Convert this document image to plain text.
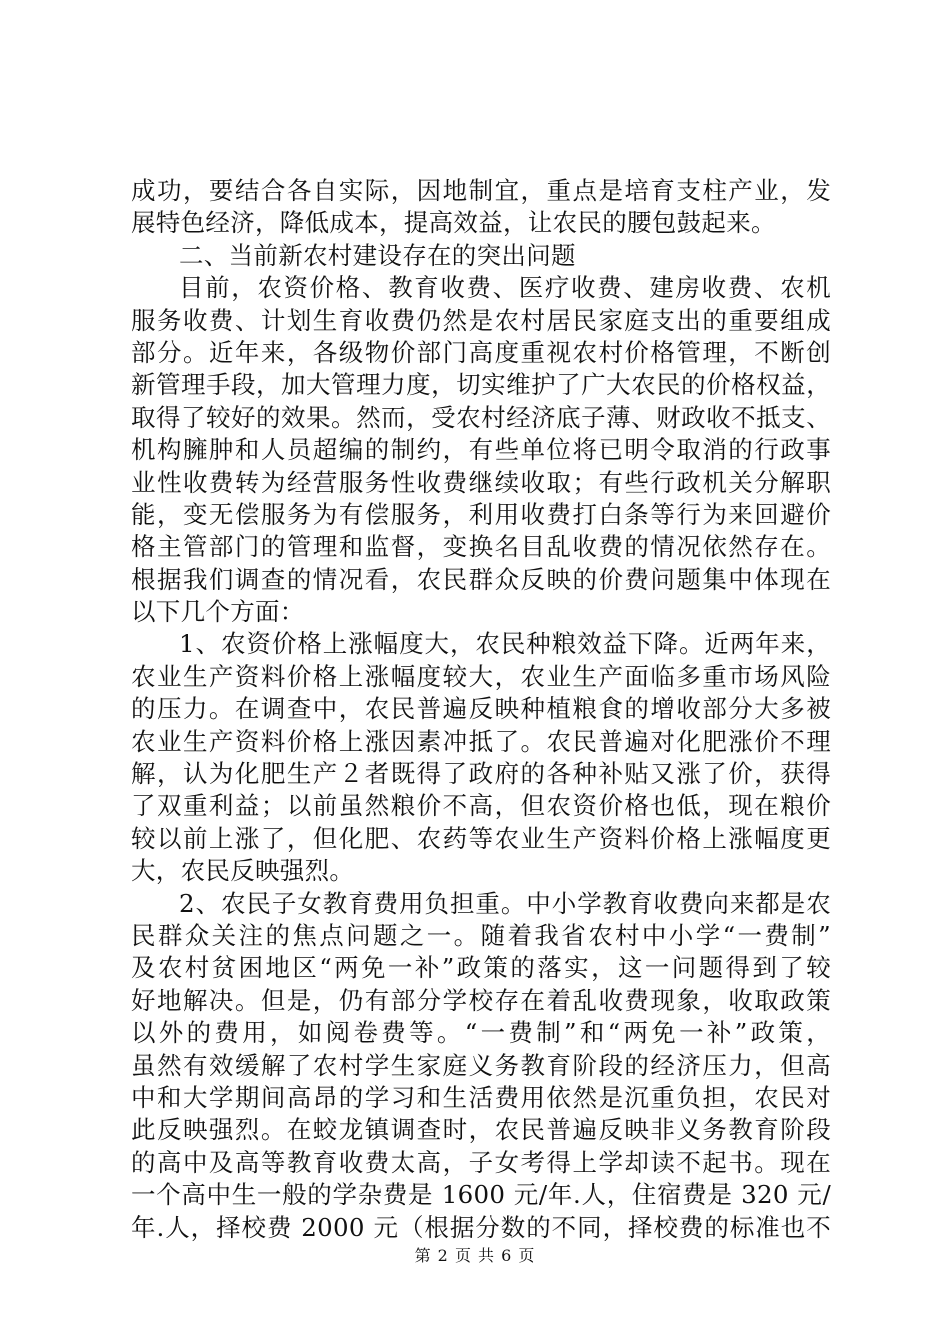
成功，要结合各自实际，因地制宜，重点是培育支柱产业，发
展特色经济，降低成本，提高效益，让农民的腰包鼓起来。
二、当前新农村建设存在的突出问题
目前，农资价格、教育收费、医疗收费、建房收费、农机
服务收费、计划生育收费仍然是农村居民家庭支出的重要组成
部分。近年来，各级物价部门高度重视农村价格管理，不断创
新管理手段，加大管理力度，切实维护了广大农民的价格权益，
取得了较好的效果。然而，受农村经济底子薄、财政收不抵支、
机构臃肿和人员超编的制约，有些单位将已明令取消的行政事
业性收费转为经营服务性收费继续收取；有些行政机关分解职
能，变无偿服务为有偿服务，利用收费打白条等行为来回避价
格主管部门的管理和监督，变换名目乱收费的情况依然存在。
根据我们调查的情况看，农民群众反映的价费问题集中体现在
以下几个方面：
1、农资价格上涨幅度大，农民种粮效益下降。近两年来，
农业生产资料价格上涨幅度较大，农业生产面临多重市场风险
的压力。在调查中，农民普遍反映种植粮食的增收部分大多被
农业生产资料价格上涨因素冲抵了。农民普遍对化肥涨价不理
解，认为化肥生产２者既得了政府的各种补贴又涨了价，获得
了双重利益；以前虽然粮价不高，但农资价格也低，现在粮价
较以前上涨了，但化肥、农药等农业生产资料价格上涨幅度更
大，农民反映强烈。
2、农民子女教育费用负担重。中小学教育收费向来都是农
民群众关注的焦点问题之一。随着我省农村中小学“一费制”
及农村贫困地区“两免一补”政策的落实，这一问题得到了较
好地解决。但是，仍有部分学校存在着乱收费现象，收取政策
以外的费用，如阅卷费等。“一费制”和“两免一补”政策，
虽然有效缓解了农村学生家庭义务教育阶段的经济压力，但高
中和大学期间高昂的学习和生活费用依然是沉重负担，农民对
此反映强烈。在蛟龙镇调查时，农民普遍反映非义务教育阶段
的高中及高等教育收费太高，子女考得上学却读不起书。现在
一个高中生一般的学杂费是 1600 元/年.人，住宿费是 320 元/
年.人，择校费 2000 元（根据分数的不同，择校费的标准也不
第 2 页 共 6 页
